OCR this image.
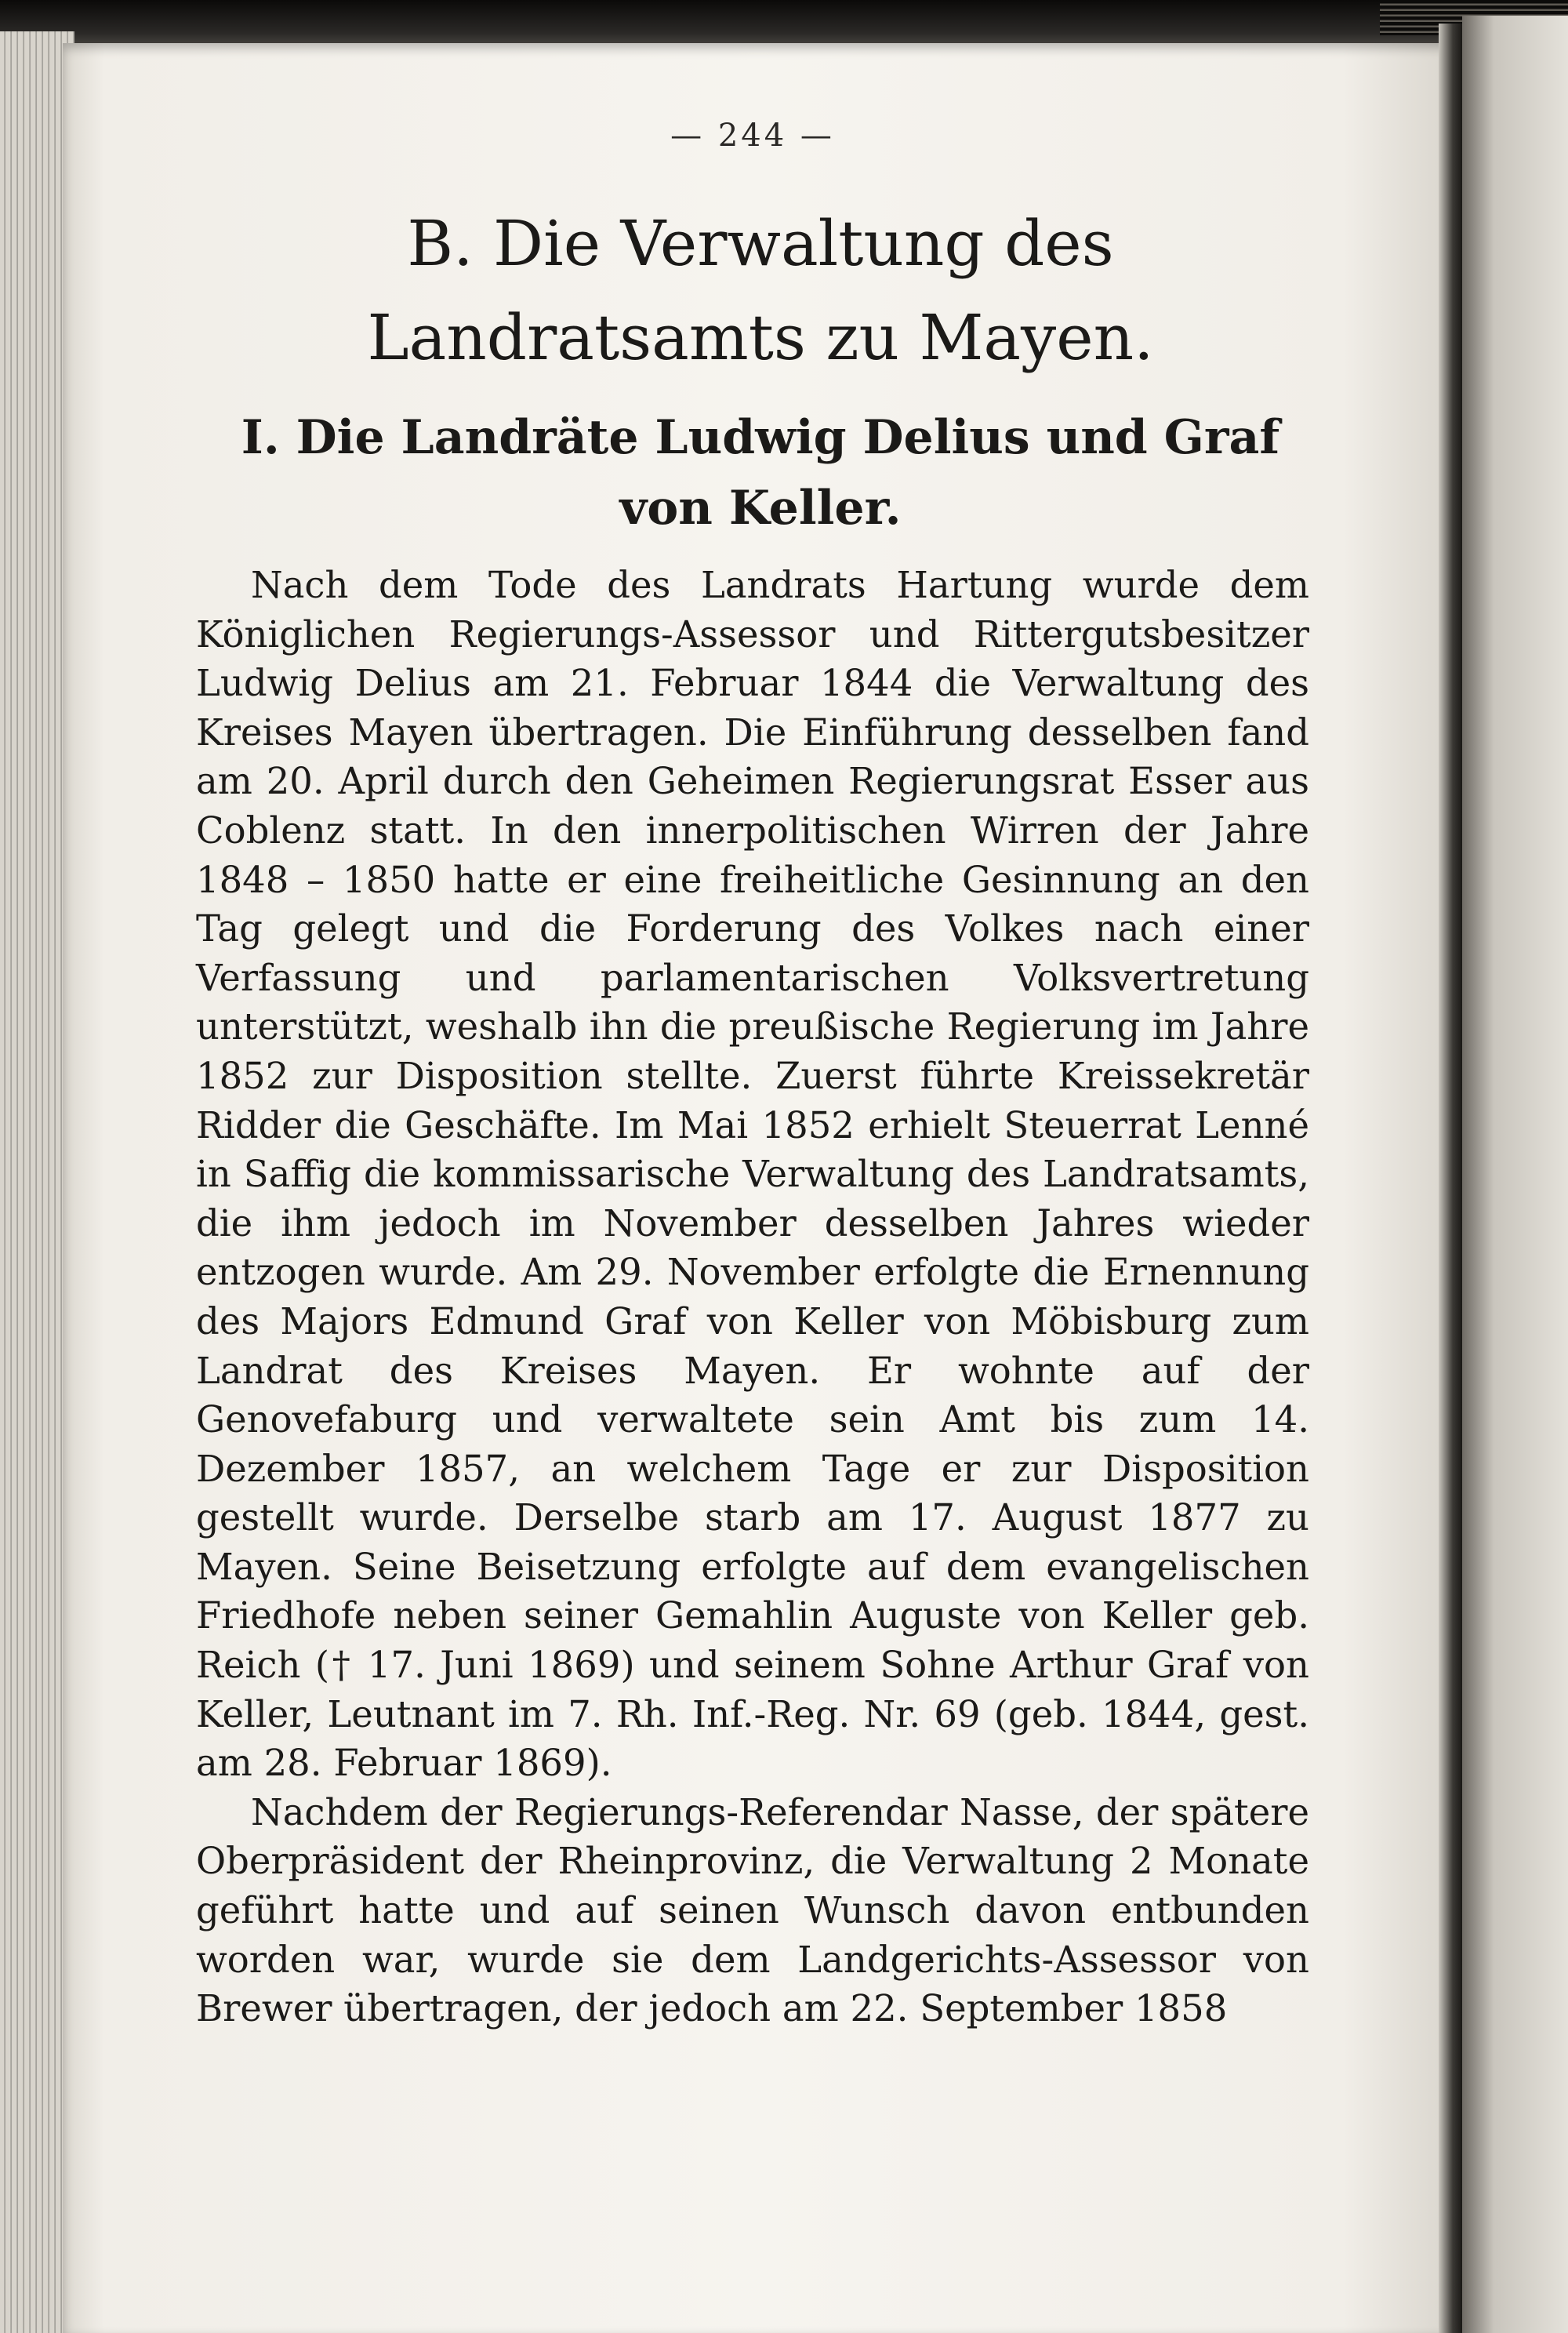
— 244 —
B. Die Verwaltung des Landratsamts zu Mayen.
I. Die Landräte Ludwig Delius und Graf von Keller.

Nach dem Tode des Landrats Hartung wurde dem Königlichen Regierungs-Assessor und Rittergutsbesitzer Ludwig Delius am 21. Februar 1844 die Verwaltung des Kreises Mayen übertragen. Die Einführung desselben fand am 20. April durch den Geheimen Regierungsrat Esser aus Coblenz statt. In den innerpolitischen Wirren der Jahre 1848 – 1850 hatte er eine freiheitliche Gesinnung an den Tag gelegt und die Forderung des Volkes nach einer Verfassung und parlamentarischen Volksvertretung unterstützt, weshalb ihn die preußische Regierung im Jahre 1852 zur Disposition stellte. Zuerst führte Kreissekretär Ridder die Geschäfte. Im Mai 1852 erhielt Steuerrat Lenné in Saffig die kommissarische Verwaltung des Landratsamts, die ihm jedoch im November desselben Jahres wieder entzogen wurde. Am 29. November erfolgte die Ernennung des Majors Edmund Graf von Keller von Möbisburg zum Landrat des Kreises Mayen. Er wohnte auf der Genovefaburg und verwaltete sein Amt bis zum 14. Dezember 1857, an welchem Tage er zur Disposition gestellt wurde. Derselbe starb am 17. August 1877 zu Mayen. Seine Beisetzung erfolgte auf dem evangelischen Friedhofe neben seiner Gemahlin Auguste von Keller geb. Reich († 17. Juni 1869) und seinem Sohne Arthur Graf von Keller, Leutnant im 7. Rh. Inf.-Reg. Nr. 69 (geb. 1844, gest. am 28. Februar 1869).

Nachdem der Regierungs-Referendar Nasse, der spätere Oberpräsident der Rheinprovinz, die Verwaltung 2 Monate geführt hatte und auf seinen Wunsch davon entbunden worden war, wurde sie dem Landgerichts-Assessor von Brewer übertragen, der jedoch am 22. September 1858
